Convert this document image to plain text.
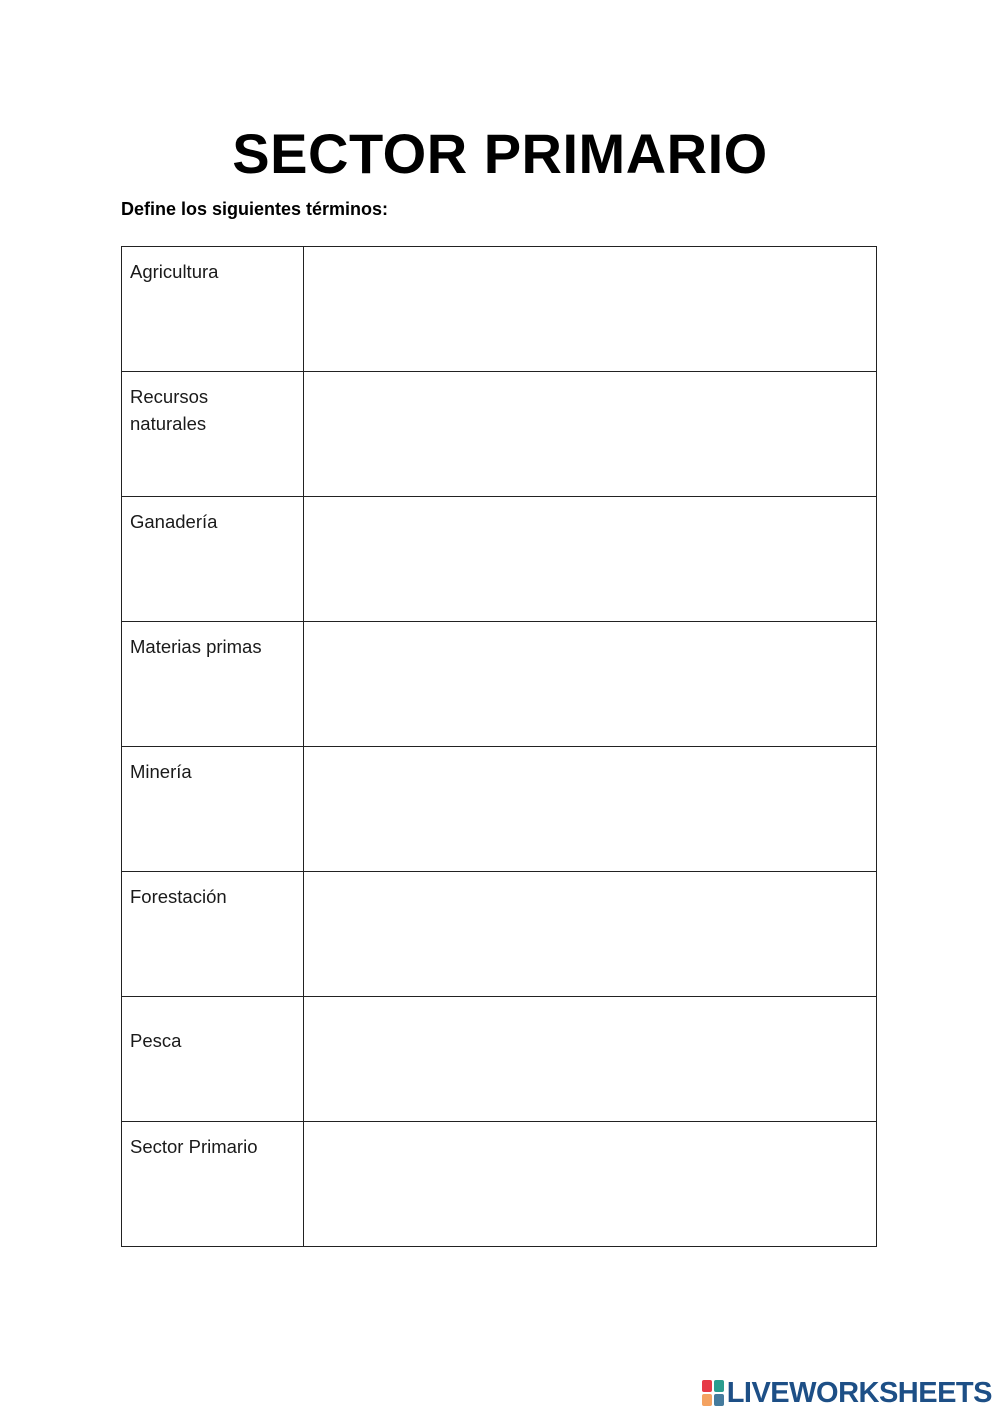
SECTOR PRIMARIO
Define los siguientes términos:
Agricultura	

Recursos
naturales	

Ganadería	

Materias primas	

Minería	

Forestación	

Pesca	

Sector Primario	

LIVEWORKSHEETS
